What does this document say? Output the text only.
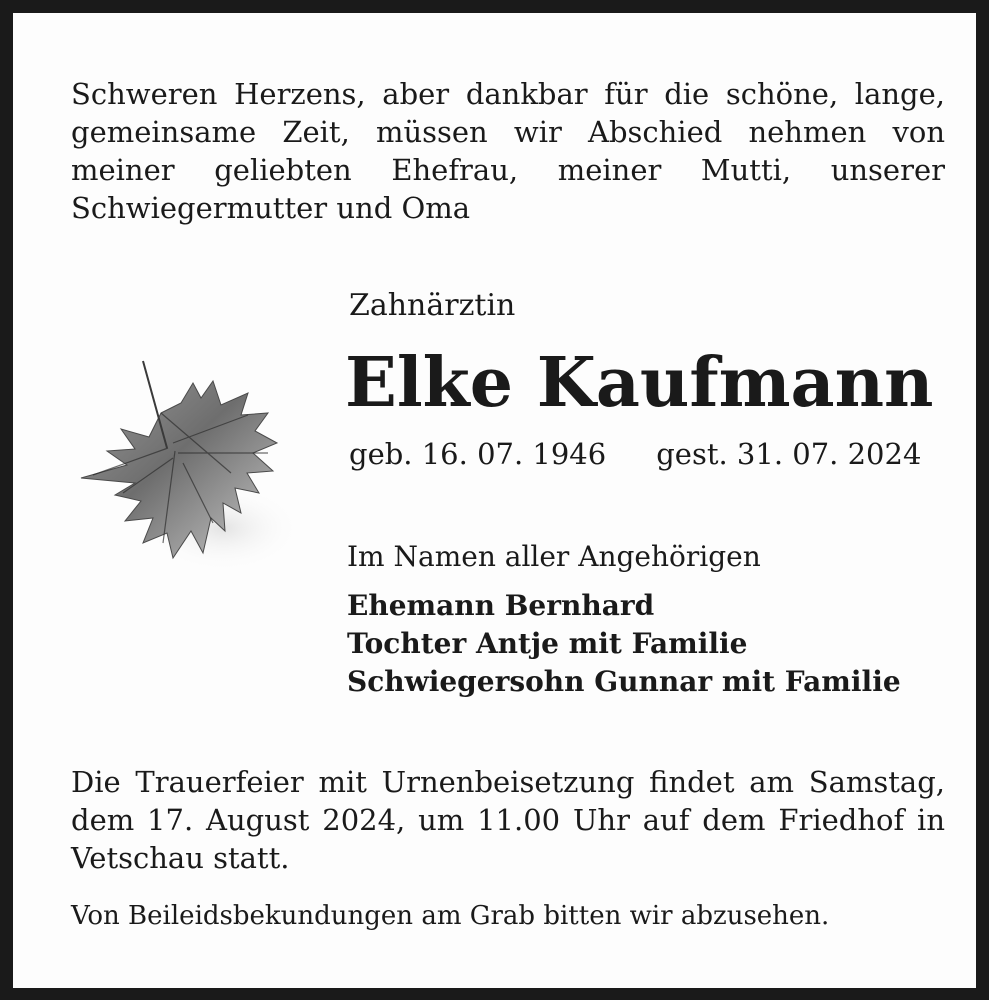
Schweren Herzens, aber dankbar für die schöne, lange, gemeinsame Zeit, müssen wir Abschied nehmen von meiner geliebten Ehefrau, meiner Mutti, unserer Schwiegermutter und Oma

Zahnärztin

Elke Kaufmann

geb. 16. 07. 1946 gest. 31. 07. 2024

Im Namen aller Angehörigen

Ehemann Bernhard
Tochter Antje mit Familie
Schwiegersohn Gunnar mit Familie

Die Trauerfeier mit Urnenbeisetzung findet am Samstag, dem 17. August 2024, um 11.00 Uhr auf dem Friedhof in Vetschau statt.

Von Beileidsbekundungen am Grab bitten wir abzusehen.
